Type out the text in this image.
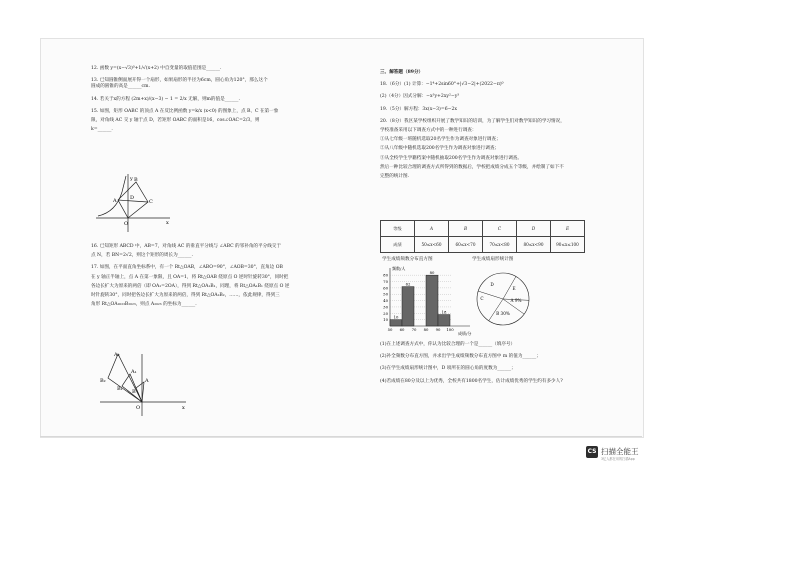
12. 函数 y=(x−√3)⁰+1/√(x+2) 中自变量的取值范围是______.

13. 已知圆锥侧面展开得一个扇形，如果扇形的半径为6cm，圆心角为120°，那么这个

圆成的圆锥的高是______cm.

14. 若关于x的方程 (2m+x)/(x−3) − 1 = 2/x 无解，则m的值是______.

15. 如图，矩形 OABC 的顶点 A 在反比例函数 y=k/x (x<0) 的图象上，点 B、C 在第一象

限，对角线 AC 交 y 轴于点 D，若矩形 OABC 的面积是16，cos∠OAC=2/3，则

k=______.

y
x
B
C
A	D
O

16. 已知矩形 ABCD 中，AB=7，对角线 AC 的垂直平分线与 ∠ABC 的邻补角的平分线交于

点 N，若 BN=2√2，则这个矩形的周长为______.

17. 如图，在平面直角坐标系中，有一个 Rt△OAB，∠ABO=90°，∠AOB=30°，直角边 OB

在 y 轴正半轴上，点 A 在第一象限，且 OA=1，将 Rt△OAB 绕原点 O 逆时针旋转30°，同时把

各边长扩大为原来的两倍（即 OA₁=2OA），得到 Rt△OA₁B₁，同理，将 Rt△OA₁B₁ 绕原点 O 逆

时针旋转30°，同时把各边长扩大为原来的两倍，得到 Rt△OA₂B₂，……，依此规律，得到三

角形 Rt△OA₂₀₂₃B₂₀₂₃，则点 A₂₀₂₃ 的坐标为______.

A₂
B₂
A₁
B₁
A
B
O	x

三、解答题（89分）

18.（6分）(1) 计算：−1⁴+2sin60°+|√3−2|+(2022−π)⁰

(2)（4分）因式分解：−x³y+2xy²−y³

19.（5分）解方程：3x(x−3)=6−2x

20.（8分）我区某学校组织开展了数学知识的培训，为了解学生们对数学知识的学习情况，

学校准备采用以下调查方式中的一种进行调查：

①从七年级一班随机选取20名学生作为调查对象进行调查；

②从八年级中随机选取200名学生作为调查对象进行调查；

③从全校学生学籍档案中随机抽取200名学生作为调查对象进行调查。

然后一种比较合理的调查方式所得到的数据后，学校把成绩分成五个等级，并绘制了如下不

完整的统计图.

等级	A	B	C	D	E
成绩	50≤x<60	60≤x<70	70≤x<80	80≤x<90	90≤x≤100
学生成绩频数分布直方图	学生成绩扇形统计图
频数/人
成绩/分
10
20
30
40
50
60
70
80
50 60 70 80 90 100
10
62
80
18
A 9%
B 30%
C
D
E

(1)在上述调查方式中，你认为比较合理的一个是______（填序号）

(2)补全频数分布直方图，并求出学生成绩频数分布直方图中 m 的值为______；

(3)在学生成绩扇形统计图中，D 项所在的圆心角的度数为______；

(4)若成绩在80分及以上为优秀，全校共有1800名学生，估计成绩优秀的学生约有多少人?

CS 扫描全能王
3亿人都在用的扫描App
